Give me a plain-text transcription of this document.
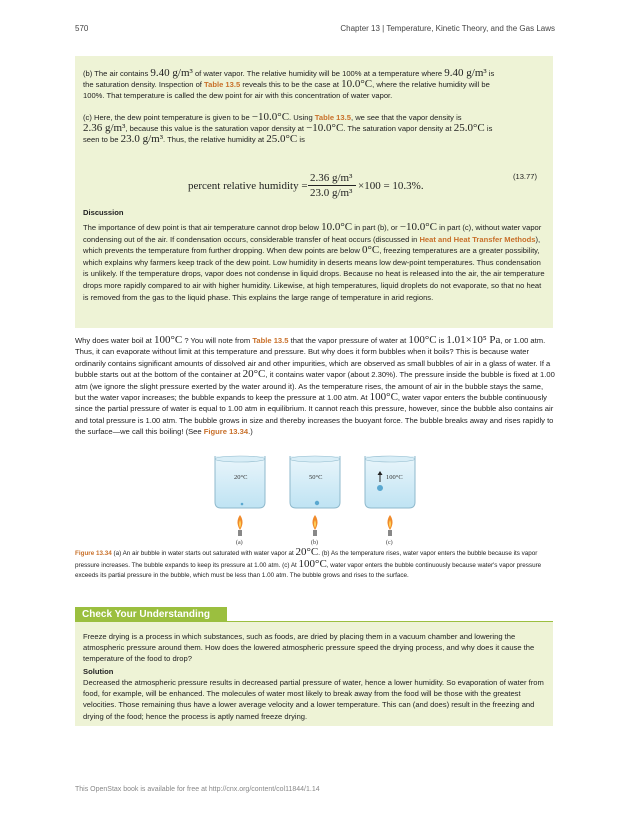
570	Chapter 13 | Temperature, Kinetic Theory, and the Gas Laws

(b) The air contains 9.40 g/m³ of water vapor. The relative humidity will be 100% at a temperature where 9.40 g/m³ is
the saturation density. Inspection of Table 13.5 reveals this to be the case at 10.0°C, where the relative humidity will be
100%. That temperature is called the dew point for air with this concentration of water vapor.

(c) Here, the dew point temperature is given to be −10.0°C. Using Table 13.5, we see that the vapor density is
2.36 g/m³, because this value is the saturation vapor density at −10.0°C. The saturation vapor density at 25.0°C is
seen to be 23.0 g/m³. Thus, the relative humidity at 25.0°C is

percent relative humidity =
2.36 g/m³
23.0 g/m³
×100 = 10.3%.
(13.77)
Discussion

The importance of dew point is that air temperature cannot drop below 10.0°C in part (b), or −10.0°C in part (c), without water vapor condensing out of the air. If condensation occurs, considerable transfer of heat occurs (discussed in Heat and Heat Transfer Methods), which prevents the temperature from further dropping. When dew points are below 0°C, freezing temperatures are a greater possibility, which explains why farmers keep track of the dew point. Low humidity in deserts means low dew-point temperatures. Thus condensation is unlikely. If the temperature drops, vapor does not condense in liquid drops. Because no heat is released into the air, the air temperature drops more rapidly compared to air with higher humidity. Likewise, at high temperatures, liquid droplets do not evaporate, so that no heat is removed from the gas to the liquid phase. This explains the large range of temperature in arid regions.

Why does water boil at 100°C ? You will note from Table 13.5 that the vapor pressure of water at 100°C is 1.01×10⁵ Pa, or 1.00 atm. Thus, it can evaporate without limit at this temperature and pressure. But why does it form bubbles when it boils? This is because water ordinarily contains significant amounts of dissolved air and other impurities, which are observed as small bubbles of air in a glass of water. If a bubble starts out at the bottom of the container at 20°C, it contains water vapor (about 2.30%). The pressure inside the bubble is fixed at 1.00 atm (we ignore the slight pressure exerted by the water around it). As the temperature rises, the amount of air in the bubble stays the same, but the water vapor increases; the bubble expands to keep the pressure at 1.00 atm. At 100°C, water vapor enters the bubble continuously since the partial pressure of water is equal to 1.00 atm in equilibrium. It cannot reach this pressure, however, since the bubble also contains air and total pressure is 1.00 atm. The bubble grows in size and thereby increases the buoyant force. The bubble breaks away and rises rapidly to the surface—we call this boiling! (See Figure 13.34.)

20°C
(a)
50°C
(b)
100°C
(c)

Figure 13.34 (a) An air bubble in water starts out saturated with water vapor at 20°C. (b) As the temperature rises, water vapor enters the bubble because its vapor pressure increases. The bubble expands to keep its pressure at 1.00 atm. (c) At 100°C, water vapor enters the bubble continuously because water's vapor pressure exceeds its partial pressure in the bubble, which must be less than 1.00 atm. The bubble grows and rises to the surface.

Check Your Understanding
Freeze drying is a process in which substances, such as foods, are dried by placing them in a vacuum chamber and lowering the atmospheric pressure around them. How does the lowered atmospheric pressure speed the drying process, and why does it cause the temperature of the food to drop?
Solution
Decreased the atmospheric pressure results in decreased partial pressure of water, hence a lower humidity. So evaporation of water from food, for example, will be enhanced. The molecules of water most likely to break away from the food will be those with the greatest velocities. Those remaining thus have a lower average velocity and a lower temperature. This can (and does) result in the freezing and drying of the food; hence the process is aptly named freeze drying.
This OpenStax book is available for free at http://cnx.org/content/col11844/1.14
